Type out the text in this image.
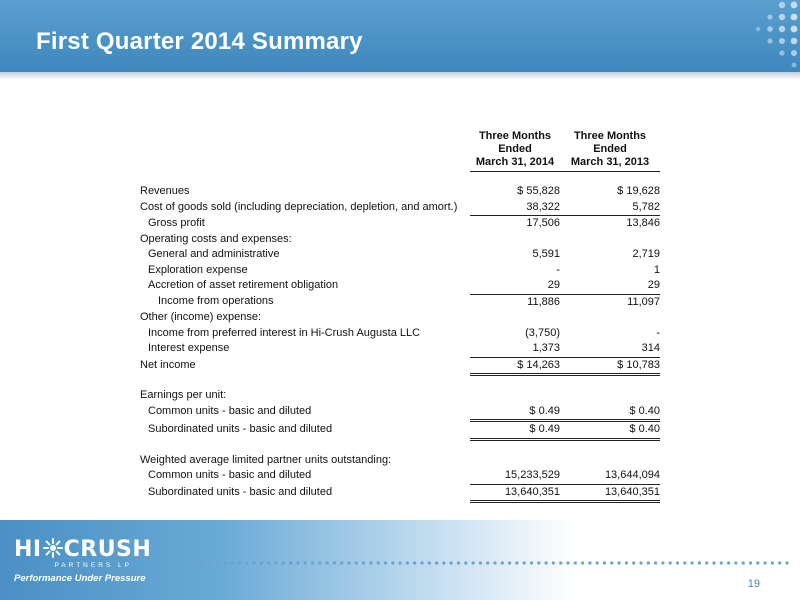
First Quarter 2014 Summary
		Three Months	Three Months
		Ended	Ended
		March 31, 2014	March 31, 2013

Revenues		$ 55,828	$ 19,628
Cost of goods sold (including depreciation, depletion, and amort.)		38,322	5,782
Gross profit		17,506	13,846
Operating costs and expenses:			
General and administrative		5,591	2,719
Exploration expense		-	1
Accretion of asset retirement obligation		29	29
Income from operations		11,886	11,097
Other (income) expense:			
Income from preferred interest in Hi-Crush Augusta LLC		(3,750)	-
Interest expense		1,373	314
Net income		$ 14,263	$ 10,783

Earnings per unit:			
Common units - basic and diluted		$ 0.49	$ 0.40
Subordinated units - basic and diluted		$ 0.49	$ 0.40

Weighted average limited partner units outstanding:			
Common units - basic and diluted		15,233,529	13,644,094
Subordinated units - basic and diluted		13,640,351	13,640,351
HI CRUSH
PARTNERS LP
Performance Under Pressure	19
